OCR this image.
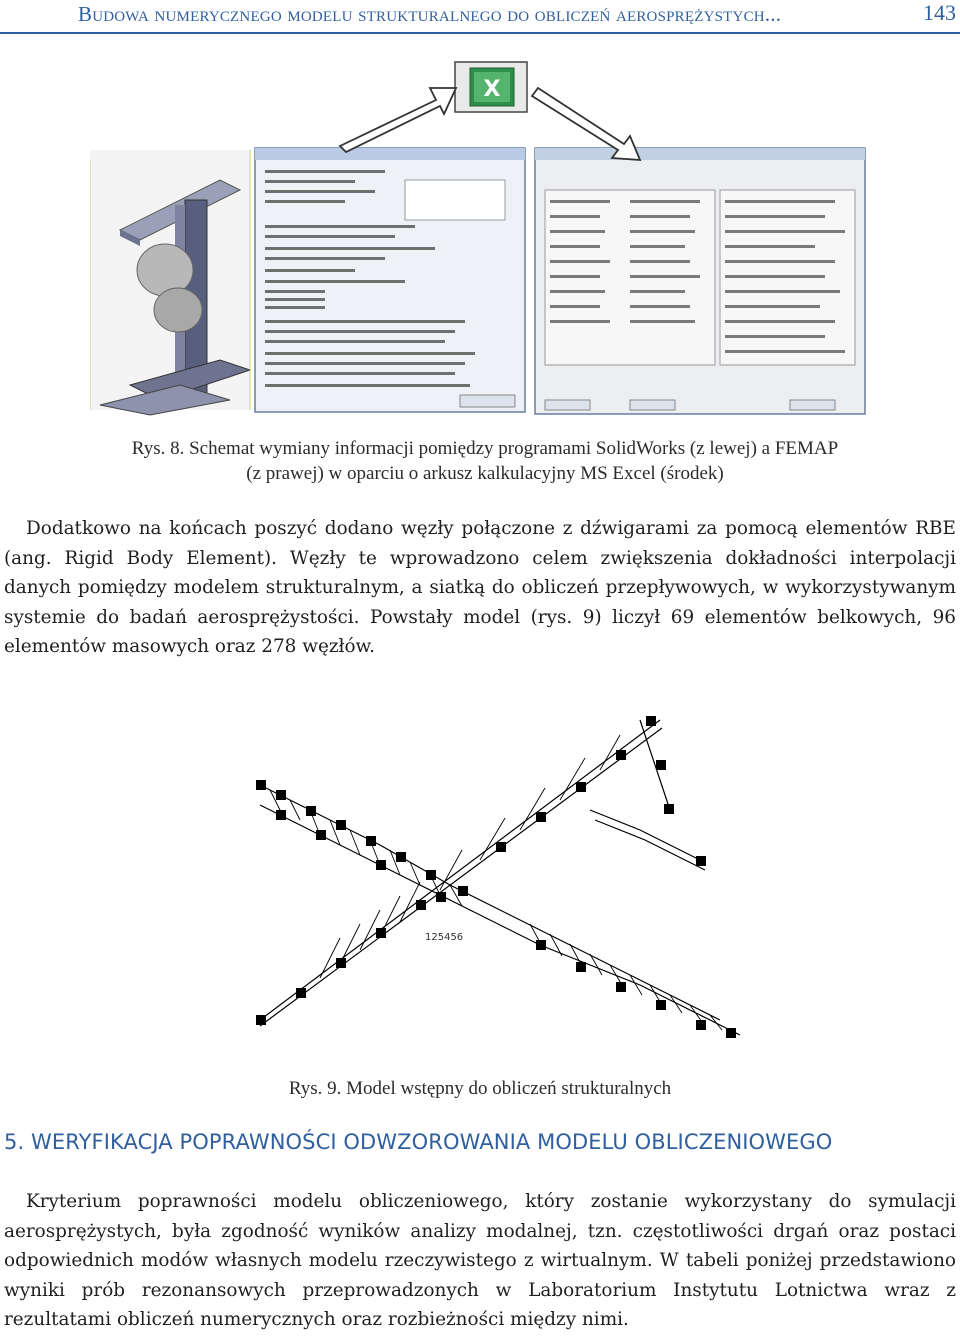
Budowa numerycznego modelu strukturalnego do obliczeń aerosprężystych...	143
X
Rys. 8. Schemat wymiany informacji pomiędzy programami SolidWorks (z lewej) a FEMAP
(z prawej) w oparciu o arkusz kalkulacyjny MS Excel (środek)
Dodatkowo na końcach poszyć dodano węzły połączone z dźwigarami za pomocą elementów RBE (ang. Rigid Body Element). Węzły te wprowadzono celem zwiększenia dokładności interpolacji danych pomiędzy modelem strukturalnym, a siatką do obliczeń przepływowych, w wykorzystywanym systemie do badań aerosprężystości. Powstały model (rys. 9) liczył 69 elementów belkowych, 96 elementów masowych oraz 278 węzłów.
125456
Rys. 9. Model wstępny do obliczeń strukturalnych
5. WERYFIKACJA POPRAWNOŚCI ODWZOROWANIA MODELU OBLICZENIOWEGO
Kryterium poprawności modelu obliczeniowego, który zostanie wykorzystany do symulacji aerosprężystych, była zgodność wyników analizy modalnej, tzn. częstotliwości drgań oraz postaci odpowiednich modów własnych modelu rzeczywistego z wirtualnym. W tabeli poniżej przedstawiono wyniki prób rezonansowych przeprowadzonych w Laboratorium Instytutu Lotnictwa wraz z rezultatami obliczeń numerycznych oraz rozbieżności między nimi.
